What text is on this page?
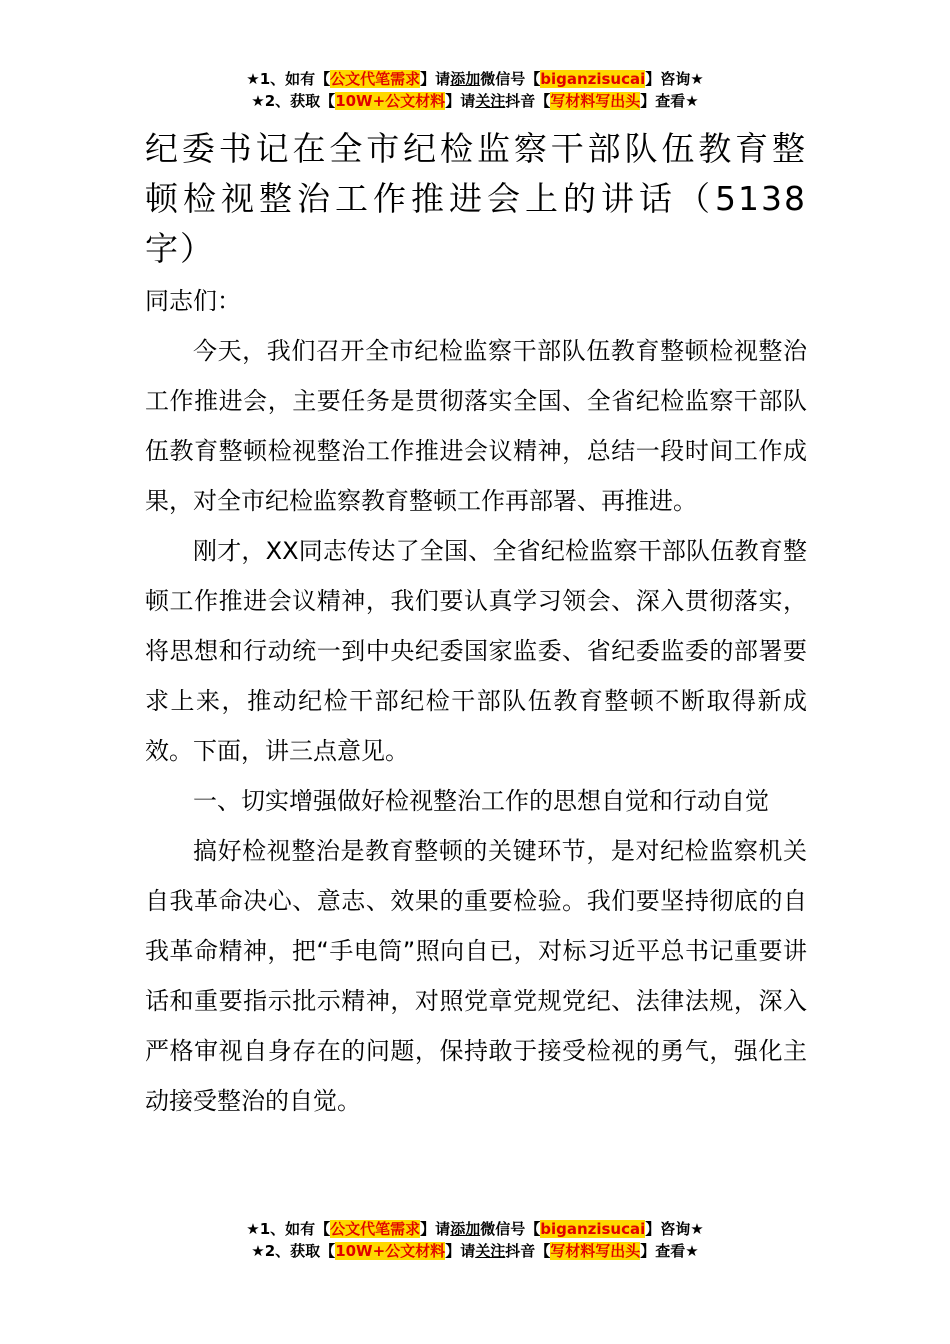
★1、如有【公文代笔需求】请添加微信号【biganzisucai】咨询★
★2、获取【10W+公文材料】请关注抖音【写材料写出头】查看★
纪委书记在全市纪检监察干部队伍教育整顿检视整治工作推进会上的讲话（5138字）

同志们：

今天，我们召开全市纪检监察干部队伍教育整顿检视整治工作推进会，主要任务是贯彻落实全国、全省纪检监察干部队伍教育整顿检视整治工作推进会议精神，总结一段时间工作成果，对全市纪检监察教育整顿工作再部署、再推进。

刚才，XX同志传达了全国、全省纪检监察干部队伍教育整顿工作推进会议精神，我们要认真学习领会、深入贯彻落实，将思想和行动统一到中央纪委国家监委、省纪委监委的部署要求上来，推动纪检干部纪检干部队伍教育整顿不断取得新成效。下面，讲三点意见。

一、切实增强做好检视整治工作的思想自觉和行动自觉

搞好检视整治是教育整顿的关键环节，是对纪检监察机关自我革命决心、意志、效果的重要检验。我们要坚持彻底的自我革命精神，把“手电筒”照向自已，对标习近平总书记重要讲话和重要指示批示精神，对照党章党规党纪、法律法规，深入严格审视自身存在的问题，保持敢于接受检视的勇气，强化主动接受整治的自觉。

★1、如有【公文代笔需求】请添加微信号【biganzisucai】咨询★
★2、获取【10W+公文材料】请关注抖音【写材料写出头】查看★
